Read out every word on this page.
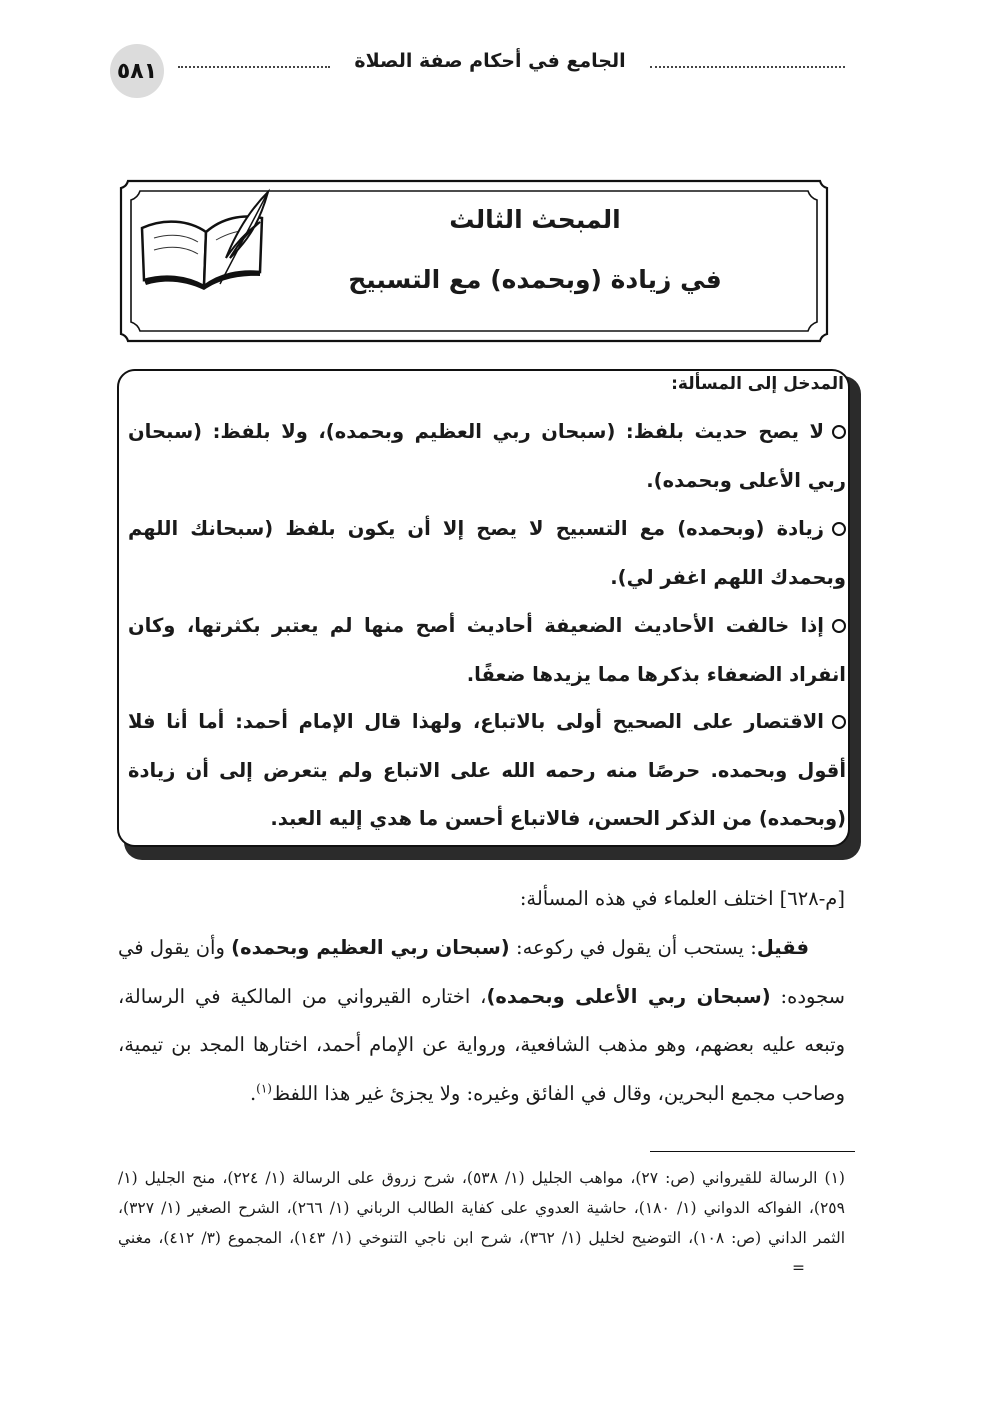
٥٨١	الجامع في أحكام صفة الصلاة
المبحث الثالث
في زيادة (وبحمده) مع التسبيح
المدخل إلى المسألة:
لا يصح حديث بلفظ: (سبحان ربي العظيم وبحمده)، ولا بلفظ: (سبحان ربي الأعلى وبحمده).
زيادة (وبحمده) مع التسبيح لا يصح إلا أن يكون بلفظ (سبحانك اللهم وبحمدك اللهم اغفر لي).
إذا خالفت الأحاديث الضعيفة أحاديث أصح منها لم يعتبر بكثرتها، وكان انفراد الضعفاء بذكرها مما يزيدها ضعفًا.
الاقتصار على الصحيح أولى بالاتباع، ولهذا قال الإمام أحمد: أما أنا فلا أقول وبحمده. حرصًا منه رحمه الله على الاتباع ولم يتعرض إلى أن زيادة (وبحمده) من الذكر الحسن، فالاتباع أحسن ما هدي إليه العبد.
[م-٦٢٨] اختلف العلماء في هذه المسألة:
فقيل: يستحب أن يقول في ركوعه: (سبحان ربي العظيم وبحمده) وأن يقول في سجوده: (سبحان ربي الأعلى وبحمده)، اختاره القيرواني من المالكية في الرسالة، وتبعه عليه بعضهم، وهو مذهب الشافعية، ورواية عن الإمام أحمد، اختارها المجد بن تيمية، وصاحب مجمع البحرين، وقال في الفائق وغيره: ولا يجزئ غير هذا اللفظ$^{(١)}$.
(١) الرسالة للقيرواني (ص: ٢٧)، مواهب الجليل (١/ ٥٣٨)، شرح زروق على الرسالة (١/ ٢٢٤)، منح الجليل (١/ ٢٥٩)، الفواكه الدواني (١/ ١٨٠)، حاشية العدوي على كفاية الطالب الرباني (١/ ٢٦٦)، الشرح الصغير (١/ ٣٢٧)، الثمر الداني (ص: ١٠٨)، التوضيح لخليل (١/ ٣٦٢)، شرح ابن ناجي التنوخي (١/ ١٤٣)، المجموع (٣/ ٤١٢)، مغني =
